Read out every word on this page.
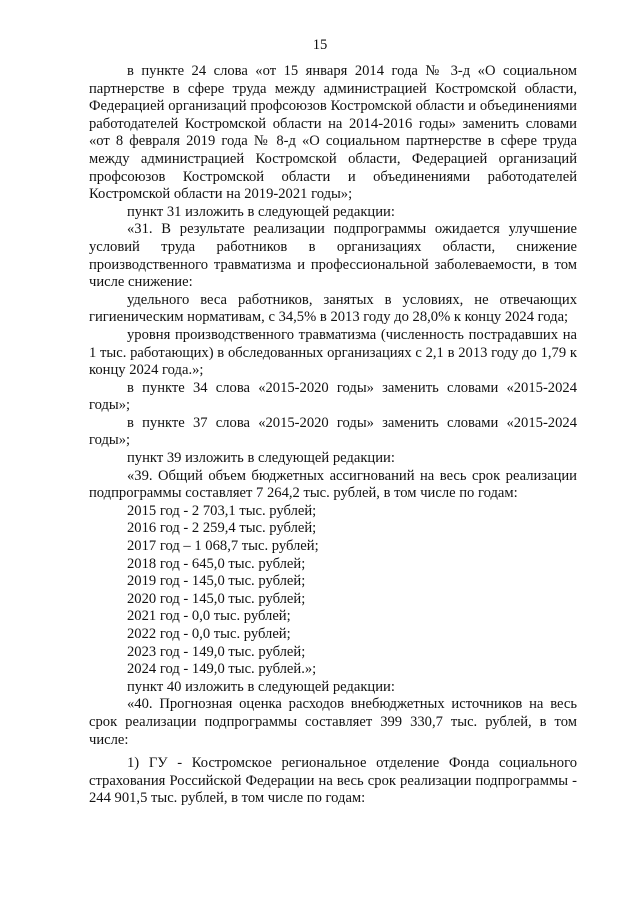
15

в пункте 24 слова «от 15 января 2014 года № 3-д «О социальном партнерстве в сфере труда между администрацией Костромской области, Федерацией организаций профсоюзов Костромской области и объединениями работодателей Костромской области на 2014-2016 годы» заменить словами «от 8 февраля 2019 года № 8-д «О социальном партнерстве в сфере труда между администрацией Костромской области, Федерацией организаций профсоюзов Костромской области и объединениями работодателей Костромской области на 2019-2021 годы»;

пункт 31 изложить в следующей редакции:

«31. В результате реализации подпрограммы ожидается улучшение условий труда работников в организациях области, снижение производственного травматизма и профессиональной заболеваемости, в том числе снижение:

удельного веса работников, занятых в условиях, не отвечающих гигиеническим нормативам, с 34,5% в 2013 году до 28,0% к концу 2024 года;

уровня производственного травматизма (численность пострадавших на 1 тыс. работающих) в обследованных организациях с 2,1 в 2013 году до 1,79 к концу 2024 года.»;

в пункте 34 слова «2015-2020 годы» заменить словами «2015-2024 годы»;

в пункте 37 слова «2015-2020 годы» заменить словами «2015-2024 годы»;

пункт 39 изложить в следующей редакции:

«39. Общий объем бюджетных ассигнований на весь срок реализации подпрограммы составляет 7 264,2 тыс. рублей, в том числе по годам:

2015 год - 2 703,1 тыс. рублей;

2016 год - 2 259,4 тыс. рублей;

2017 год – 1 068,7 тыс. рублей;

2018 год - 645,0 тыс. рублей;

2019 год - 145,0 тыс. рублей;

2020 год - 145,0 тыс. рублей;

2021 год - 0,0 тыс. рублей;

2022 год - 0,0 тыс. рублей;

2023 год - 149,0 тыс. рублей;

2024 год - 149,0 тыс. рублей.»;

пункт 40 изложить в следующей редакции:

«40. Прогнозная оценка расходов внебюджетных источников на весь срок реализации подпрограммы составляет 399 330,7 тыс. рублей, в том числе:

1) ГУ - Костромское региональное отделение Фонда социального страхования Российской Федерации на весь срок реализации подпрограммы - 244 901,5 тыс. рублей, в том числе по годам:
